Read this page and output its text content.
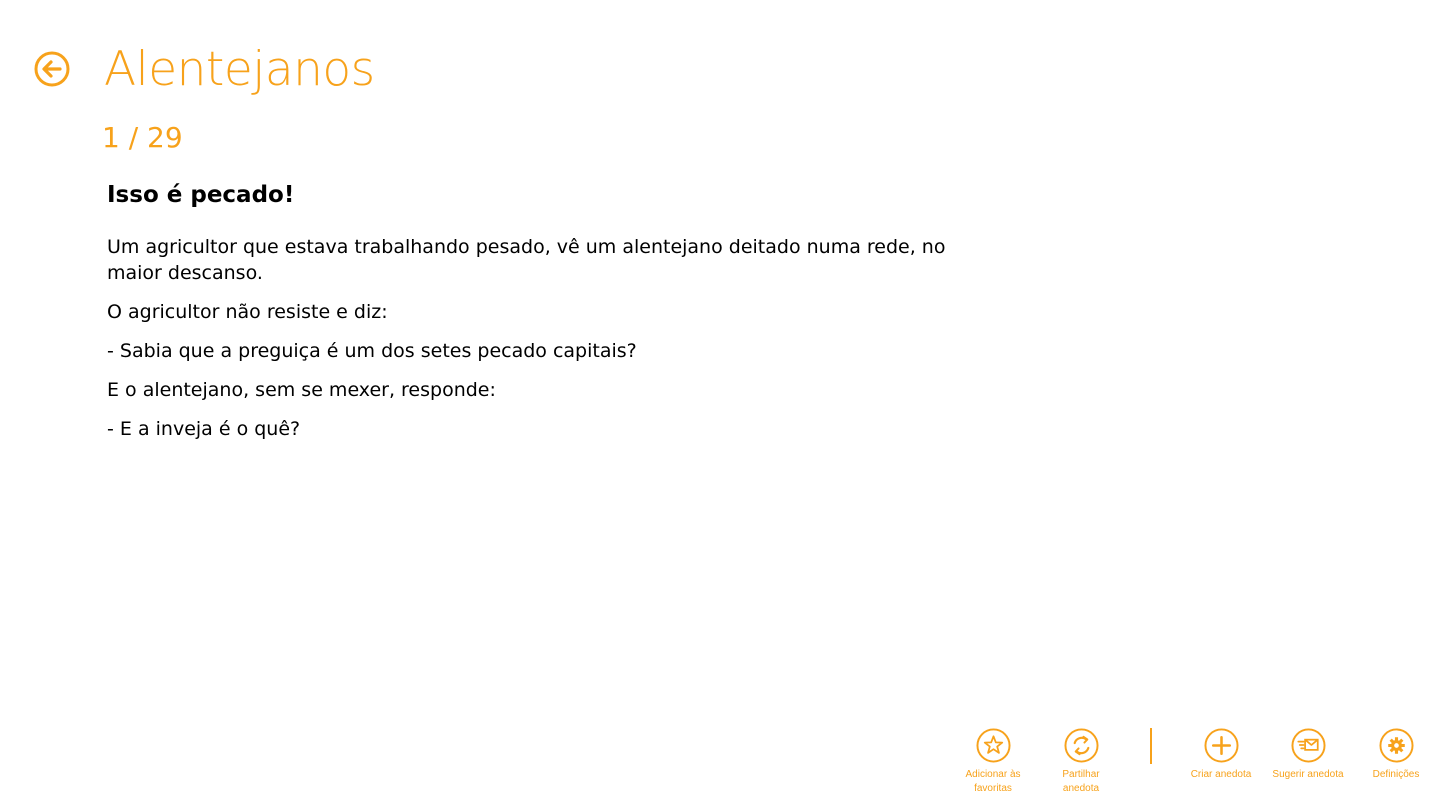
Alentejanos
1 / 29
Isso é pecado!

Um agricultor que estava trabalhando pesado, vê um alentejano deitado numa rede, no maior descanso.

O agricultor não resiste e diz:

- Sabia que a preguiça é um dos setes pecado capitais?

E o alentejano, sem se mexer, responde:

- E a inveja é o quê?

Adicionar às
favoritas
Partilhar
anedota
Criar anedota	Sugerir anedota	Definições
